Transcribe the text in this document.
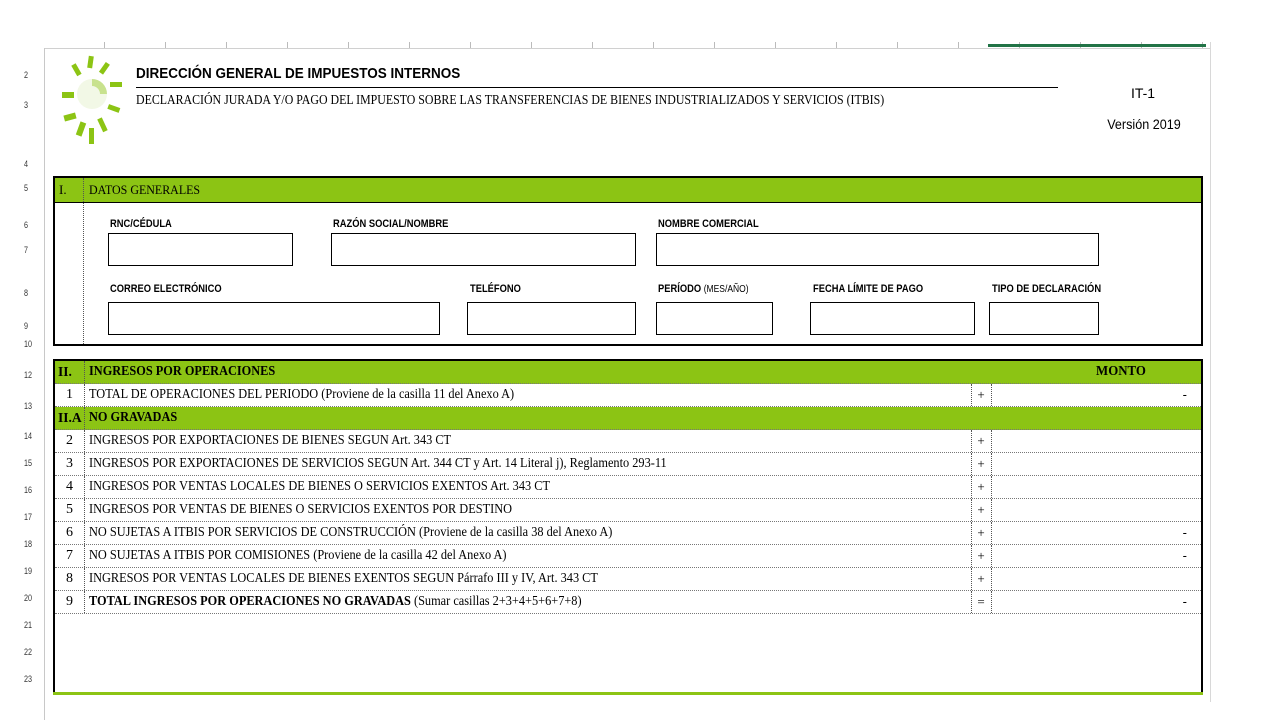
2
3
4
5
6
7
8
9
10
12
13
14
15
16
17
18
19
20
21
22
23
DIRECCIÓN GENERAL DE IMPUESTOS INTERNOS
DECLARACIÓN JURADA Y/O PAGO DEL IMPUESTO SOBRE LAS TRANSFERENCIAS DE BIENES INDUSTRIALIZADOS Y SERVICIOS (ITBIS)	IT-1
Versión 2019
I. DATOS GENERALES
RNC/CÉDULA	RAZÓN SOCIAL/NOMBRE	NOMBRE COMERCIAL
CORREO ELECTRÓNICO	TELÉFONO	PERÍODO (MES/AÑO)	FECHA LÍMITE DE PAGO	TIPO DE DECLARACIÓN
II.	INGRESOS POR OPERACIONES	MONTO
1	TOTAL DE OPERACIONES DEL PERIODO (Proviene de la casilla 11 del Anexo A)	+	-
II.A NO GRAVADAS
2	INGRESOS POR EXPORTACIONES DE BIENES SEGUN Art. 343 CT	+
3	INGRESOS POR EXPORTACIONES DE SERVICIOS SEGUN Art. 344 CT y Art. 14 Literal j), Reglamento 293-11	+
4	INGRESOS POR VENTAS LOCALES DE BIENES O SERVICIOS EXENTOS Art. 343 CT	+
5	INGRESOS POR VENTAS DE BIENES O SERVICIOS EXENTOS POR DESTINO	+
6	NO SUJETAS A ITBIS POR SERVICIOS DE CONSTRUCCIÓN (Proviene de la casilla 38 del Anexo A)	+	-
7	NO SUJETAS A ITBIS POR COMISIONES (Proviene de la casilla 42 del Anexo A)	+	-
8	INGRESOS POR VENTAS LOCALES DE BIENES EXENTOS SEGUN Párrafo III y IV, Art. 343 CT	+
9	TOTAL INGRESOS POR OPERACIONES NO GRAVADAS (Sumar casillas 2+3+4+5+6+7+8)	=	-
